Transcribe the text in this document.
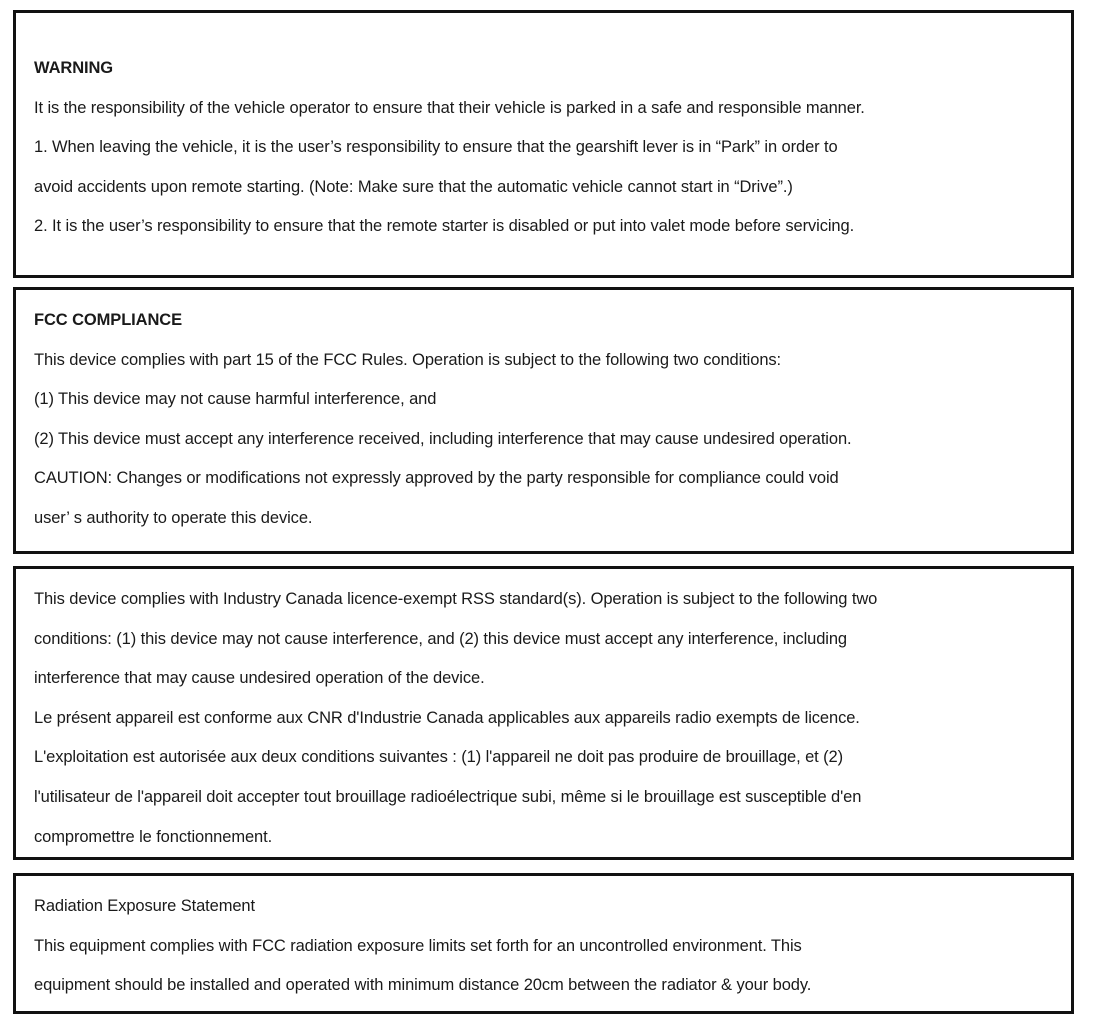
WARNING
It is the responsibility of the vehicle operator to ensure that their vehicle is parked in a safe and responsible manner.
1. When leaving the vehicle, it is the user’s responsibility to ensure that the gearshift lever is in “Park” in order to
avoid accidents upon remote starting. (Note: Make sure that the automatic vehicle cannot start in “Drive”.)
2. It is the user’s responsibility to ensure that the remote starter is disabled or put into valet mode before servicing.
FCC COMPLIANCE
This device complies with part 15 of the FCC Rules. Operation is subject to the following two conditions:
(1) This device may not cause harmful interference, and
(2) This device must accept any interference received, including interference that may cause undesired operation.
CAUTION: Changes or modifications not expressly approved by the party responsible for compliance could void
user’ s authority to operate this device.
This device complies with Industry Canada licence-exempt RSS standard(s). Operation is subject to the following two
conditions: (1) this device may not cause interference, and (2) this device must accept any interference, including
interference that may cause undesired operation of the device.
Le présent appareil est conforme aux CNR d'Industrie Canada applicables aux appareils radio exempts de licence.
L'exploitation est autorisée aux deux conditions suivantes : (1) l'appareil ne doit pas produire de brouillage, et (2)
l'utilisateur de l'appareil doit accepter tout brouillage radioélectrique subi, même si le brouillage est susceptible d'en
compromettre le fonctionnement.
Radiation Exposure Statement
This equipment complies with FCC radiation exposure limits set forth for an uncontrolled environment. This
equipment should be installed and operated with minimum distance 20cm between the radiator & your body.
